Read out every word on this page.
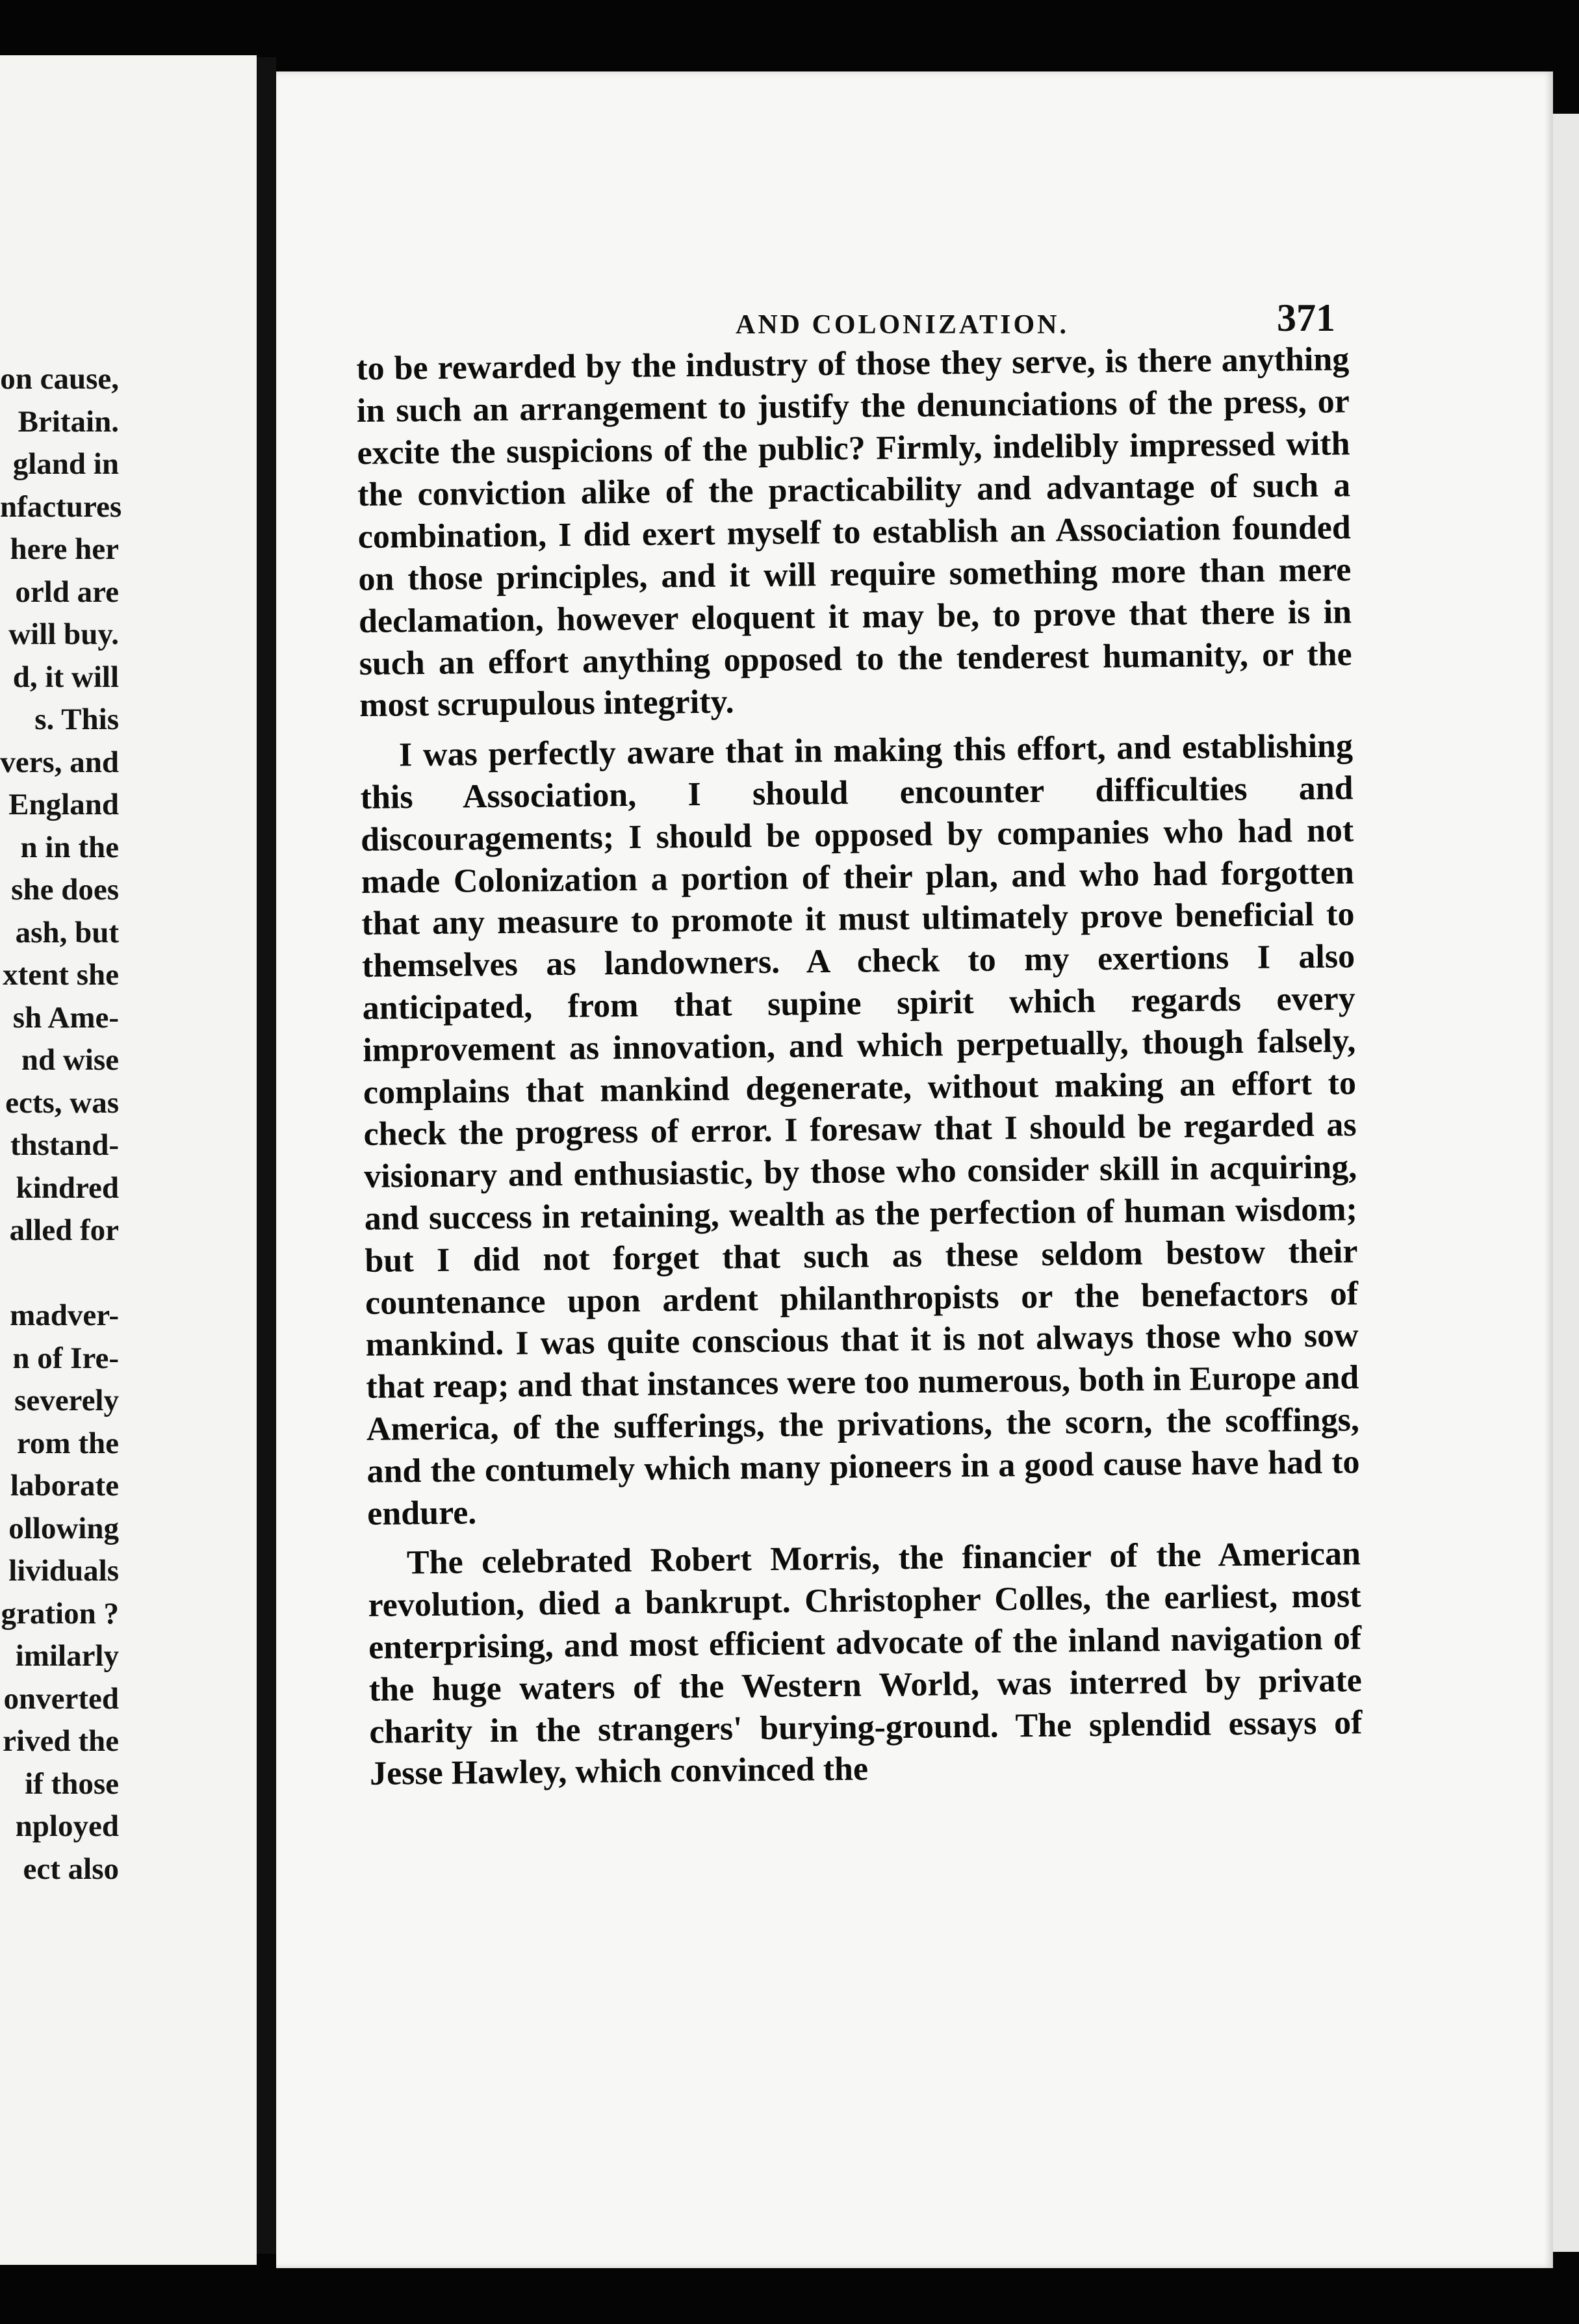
on cause,
Britain.
gland in
nfactures
here her
orld are
will buy.
d, it will
s. This
vers, and
England
n in the
she does
ash, but
xtent she
sh Ame-
nd wise
ects, was
thstand-
kindred
alled for
madver-
n of Ire-
severely
rom the
laborate
ollowing
lividuals
gration ?
imilarly
onverted
rived the
if those
nployed
ect also
AND COLONIZATION.	371

to be rewarded by the industry of those they serve, is there anything in such an arrangement to justify the denunciations of the press, or excite the suspicions of the public? Firmly, indelibly impressed with the conviction alike of the practicability and advantage of such a combination, I did exert myself to establish an Association founded on those principles, and it will require something more than mere declamation, however eloquent it may be, to prove that there is in such an effort anything opposed to the tenderest humanity, or the most scrupulous integrity.

I was perfectly aware that in making this effort, and establishing this Association, I should encounter difficulties and discouragements; I should be opposed by companies who had not made Colonization a portion of their plan, and who had forgotten that any measure to promote it must ultimately prove beneficial to themselves as landowners. A check to my exertions I also anticipated, from that supine spirit which regards every improvement as innovation, and which perpetually, though falsely, complains that mankind degenerate, without making an effort to check the progress of error. I foresaw that I should be regarded as visionary and enthusiastic, by those who consider skill in acquiring, and success in retaining, wealth as the perfection of human wisdom; but I did not forget that such as these seldom bestow their countenance upon ardent philanthropists or the benefactors of mankind. I was quite conscious that it is not always those who sow that reap; and that instances were too numerous, both in Europe and America, of the sufferings, the privations, the scorn, the scoffings, and the contumely which many pioneers in a good cause have had to endure.

The celebrated Robert Morris, the financier of the American revolution, died a bankrupt. Christopher Colles, the earliest, most enterprising, and most efficient advocate of the inland navigation of the huge waters of the Western World, was interred by private charity in the strangers' burying-ground. The splendid essays of Jesse Hawley, which convinced the
